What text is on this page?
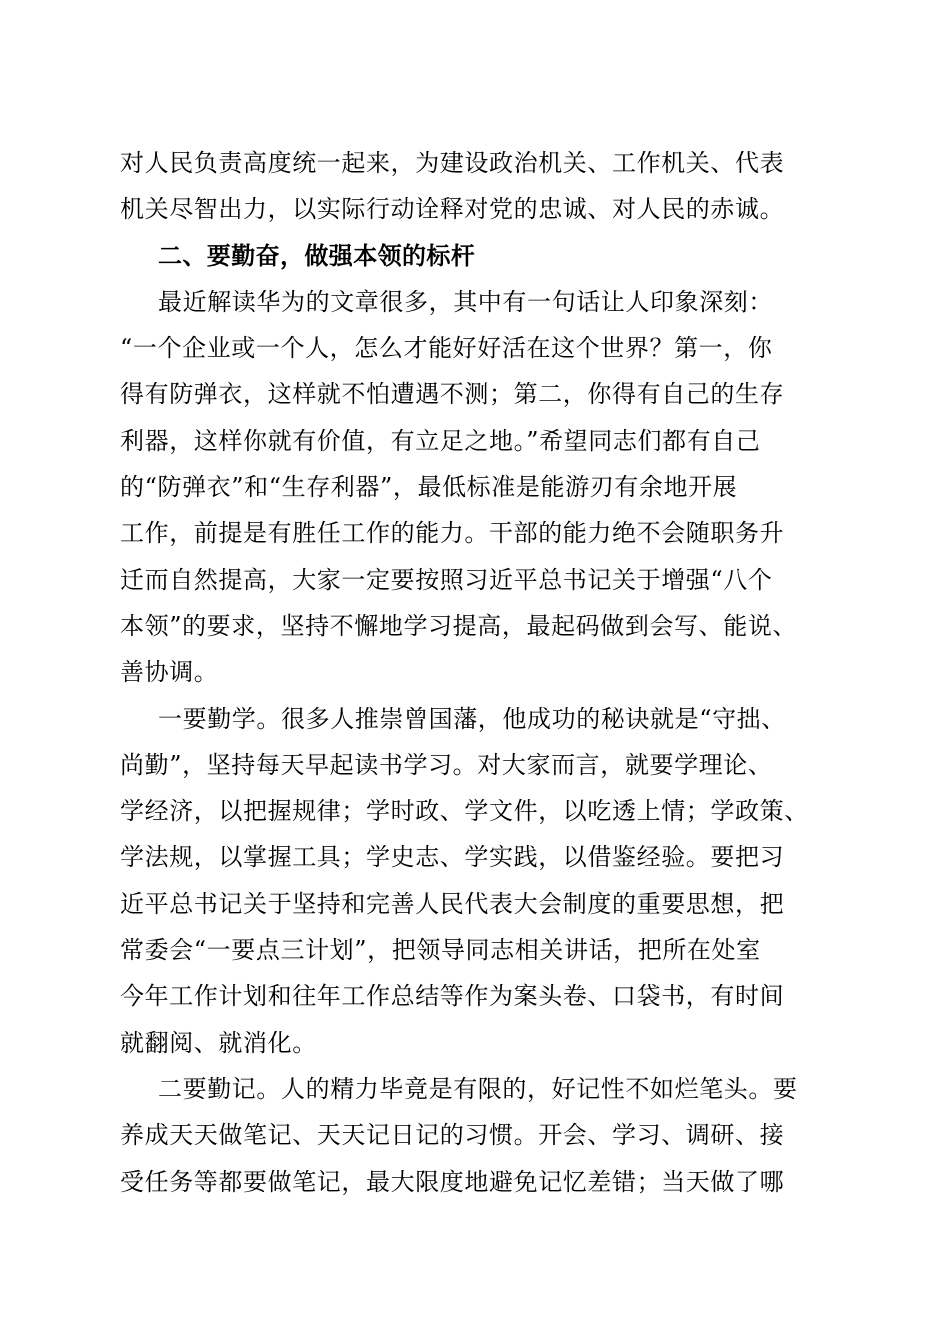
对人民负责高度统一起来，为建设政治机关、工作机关、代表
机关尽智出力，以实际行动诠释对党的忠诚、对人民的赤诚。
二、要勤奋，做强本领的标杆
最近解读华为的文章很多，其中有一句话让人印象深刻：
“一个企业或一个人，怎么才能好好活在这个世界？第一，你
得有防弹衣，这样就不怕遭遇不测；第二，你得有自己的生存
利器，这样你就有价值，有立足之地。”希望同志们都有自己
的“防弹衣”和“生存利器”，最低标准是能游刃有余地开展
工作，前提是有胜任工作的能力。干部的能力绝不会随职务升
迁而自然提高，大家一定要按照习近平总书记关于增强“八个
本领”的要求，坚持不懈地学习提高，最起码做到会写、能说、
善协调。
一要勤学。很多人推崇曾国藩，他成功的秘诀就是“守拙、
尚勤”，坚持每天早起读书学习。对大家而言，就要学理论、
学经济，以把握规律；学时政、学文件，以吃透上情；学政策、
学法规，以掌握工具；学史志、学实践，以借鉴经验。要把习
近平总书记关于坚持和完善人民代表大会制度的重要思想，把
常委会“一要点三计划”，把领导同志相关讲话，把所在处室
今年工作计划和往年工作总结等作为案头卷、口袋书，有时间
就翻阅、就消化。
二要勤记。人的精力毕竟是有限的，好记性不如烂笔头。要
养成天天做笔记、天天记日记的习惯。开会、学习、调研、接
受任务等都要做笔记，最大限度地避免记忆差错；当天做了哪
